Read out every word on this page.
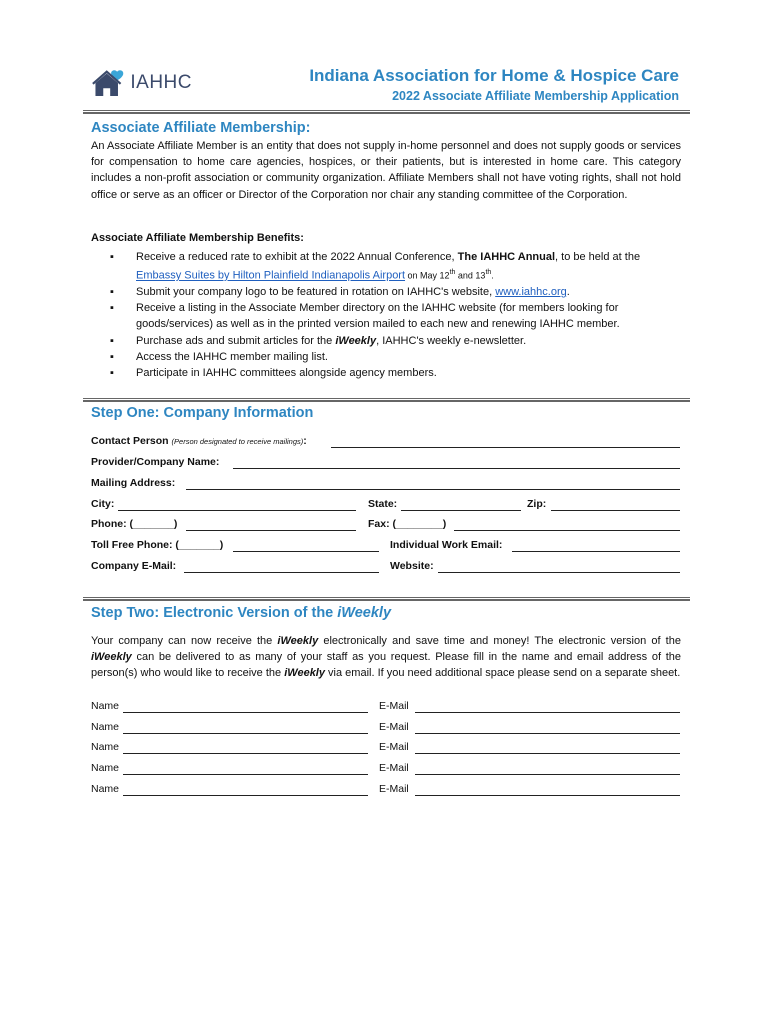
IAHHC	Indiana Association for Home & Hospice Care
2022 Associate Affiliate Membership Application
Associate Affiliate Membership:
An Associate Affiliate Member is an entity that does not supply in-home personnel and does not supply goods or services for compensation to home care agencies, hospices, or their patients, but is interested in home care. This category includes a non-profit association or community organization. Affiliate Members shall not have voting rights, shall not hold office or serve as an officer or Director of the Corporation nor chair any standing committee of the Corporation.
Associate Affiliate Membership Benefits:
▪ Receive a reduced rate to exhibit at the 2022 Annual Conference, The IAHHC Annual, to be held at the Embassy Suites by Hilton Plainfield Indianapolis Airport on May 12th and 13th.
▪ Submit your company logo to be featured in rotation on IAHHC's website, www.iahhc.org.
▪ Receive a listing in the Associate Member directory on the IAHHC website (for members looking for goods/services) as well as in the printed version mailed to each new and renewing IAHHC member.
▪ Purchase ads and submit articles for the iWeekly, IAHHC's weekly e-newsletter.
▪ Access the IAHHC member mailing list.
▪ Participate in IAHHC committees alongside agency members.
Step One: Company Information
Contact Person (Person designated to receive mailings):
Provider/Company Name:
Mailing Address:
City:	State:	Zip:
Phone: (_______)	Fax: (________)
Toll Free Phone: (_______)	Individual Work Email:
Company E-Mail:	Website:
Step Two: Electronic Version of the iWeekly
Your company can now receive the iWeekly electronically and save time and money! The electronic version of the iWeekly can be delivered to as many of your staff as you request. Please fill in the name and email address of the person(s) who would like to receive the iWeekly via email. If you need additional space please send on a separate sheet.
Name	E-Mail
Name	E-Mail
Name	E-Mail
Name	E-Mail
Name	E-Mail
